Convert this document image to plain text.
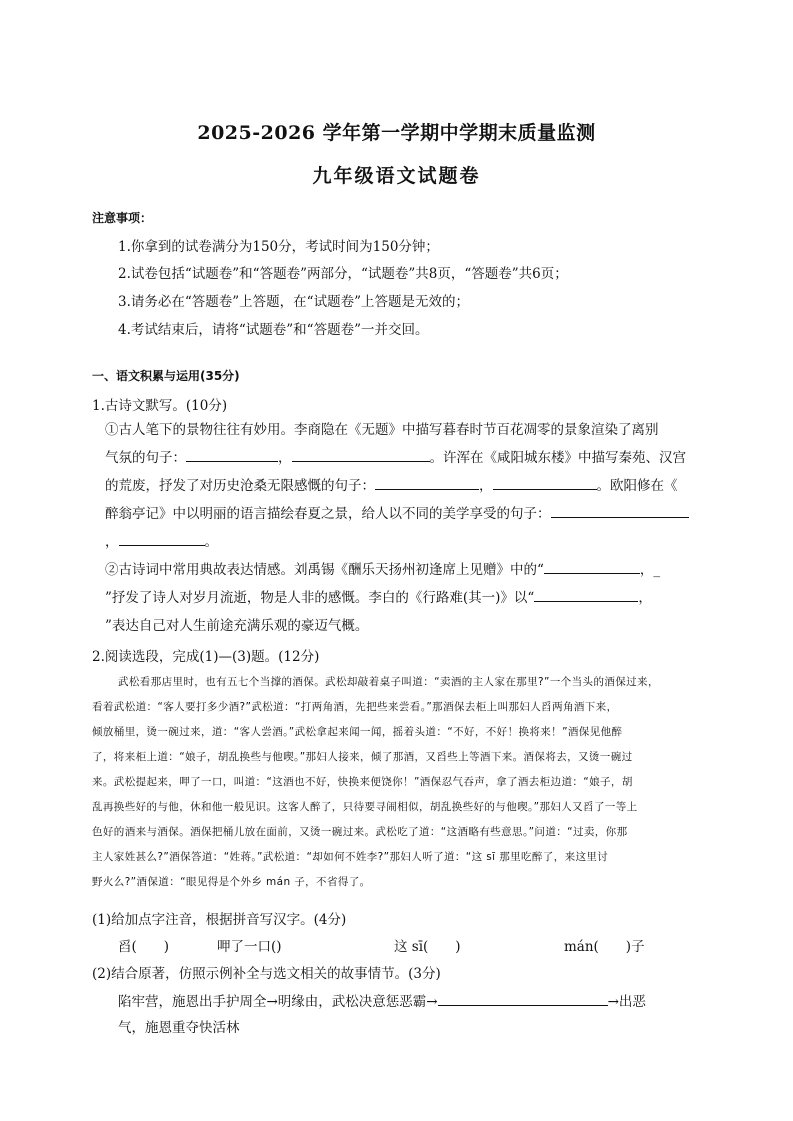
2025-2026 学年第一学期中学期末质量监测
九年级语文试题卷
注意事项：
1.你拿到的试卷满分为150分，考试时间为150分钟；
2.试卷包括“试题卷”和“答题卷”两部分，“试题卷”共8页，“答题卷”共6页；
3.请务必在“答题卷”上答题，在“试题卷”上答题是无效的；
4.考试结束后，请将“试题卷”和“答题卷”一并交回。
一、语文积累与运用(35分)
1.古诗文默写。(10分)
①古人笔下的景物往往有妙用。李商隐在《无题》中描写暮春时节百花凋零的景象渲染了离别
气氛的句子：	，	。许浑在《咸阳城东楼》中描写秦苑、汉宫
的荒废，抒发了对历史沧桑无限感慨的句子：	，	。欧阳修在《
醉翁亭记》中以明丽的语言描绘春夏之景，给人以不同的美学享受的句子：
，	。
②古诗词中常用典故表达情感。刘禹锡《酬乐天扬州初逢席上见赠》中的“	，_
”抒发了诗人对岁月流逝，物是人非的感慨。李白的《行路难(其一)》以“	，
”表达自己对人生前途充满乐观的豪迈气概。
2.阅读选段，完成(1)—(3)题。(12分)
武松看那店里时，也有五七个当撑的酒保。武松却敲着桌子叫道：“卖酒的主人家在那里?”一个当头的酒保过来，
看着武松道：“客人要打多少酒?”武松道：“打两角酒，先把些来尝看。”那酒保去柜上叫那妇人舀两角酒下来，
倾放桶里，烫一碗过来，道：“客人尝酒。”武松拿起来闻一闻，摇着头道：“不好，不好！换将来！”酒保见他醉
了，将来柜上道：“娘子，胡乱换些与他喫。”那妇人接来，倾了那酒，又舀些上等酒下来。酒保将去，又烫一碗过
来。武松提起来，呷了一口，叫道：“这酒也不好，快换来便饶你！”酒保忍气吞声，拿了酒去柜边道：“娘子，胡
乱再换些好的与他，休和他一般见识。这客人醉了，只待要寻闹相似，胡乱换些好的与他喫。”那妇人又舀了一等上
色好的酒来与酒保。酒保把桶儿放在面前，又烫一碗过来。武松吃了道：“这酒略有些意思。”问道：“过卖，你那
主人家姓甚么?”酒保答道：“姓蒋。”武松道：“却如何不姓李?”那妇人听了道：“这 sī 那里吃醉了，来这里讨
野火么?”酒保道：“眼见得是个外乡 mán 子，不省得了。
(1)给加点字注音，根据拼音写汉字。(4分)
舀(　　)	呷了一口()	这 sī(　　)	mán(　　)子
(2)结合原著，仿照示例补全与选文相关的故事情节。(3分)
陷牢营，施恩出手护周全→明缘由，武松决意惩恶霸→	→出恶
气，施恩重夺快活林
